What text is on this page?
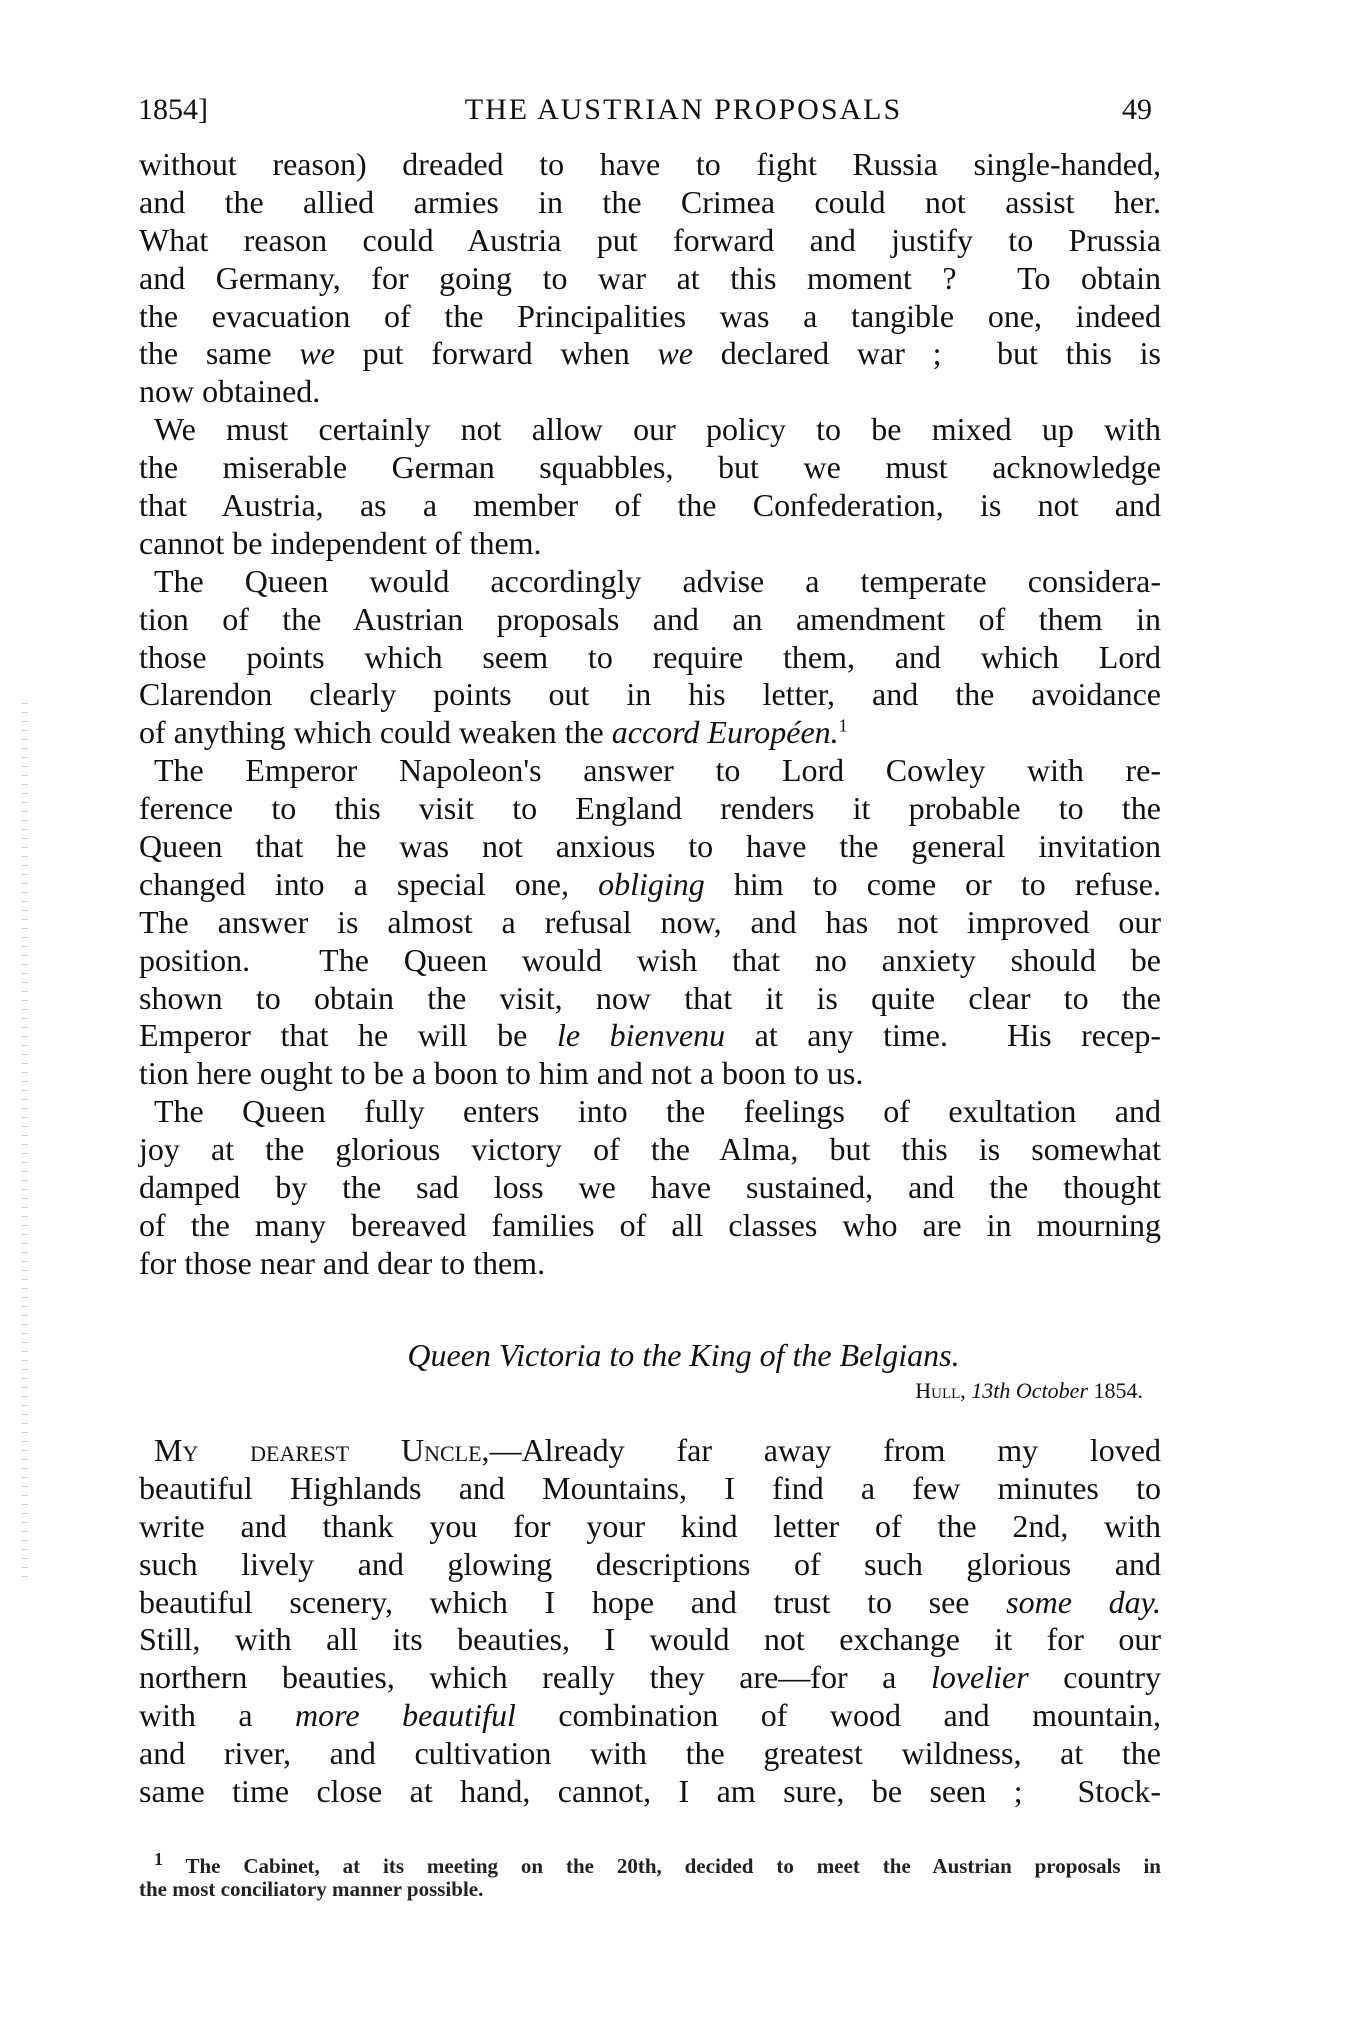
1854]	THE AUSTRIAN PROPOSALS	49
without reason) dreaded to have to fight Russia single-handed,
and the allied armies in the Crimea could not assist her.
What reason could Austria put forward and justify to Prussia
and Germany, for going to war at this moment ?  To obtain
the evacuation of the Principalities was a tangible one, indeed
the same we put forward when we declared war ;  but this is
now obtained.
We must certainly not allow our policy to be mixed up with
the miserable German squabbles, but we must acknowledge
that Austria, as a member of the Confederation, is not and
cannot be independent of them.
The Queen would accordingly advise a temperate considera-
tion of the Austrian proposals and an amendment of them in
those points which seem to require them, and which Lord
Clarendon clearly points out in his letter, and the avoidance
of anything which could weaken the accord Européen.$^1$
The Emperor Napoleon's answer to Lord Cowley with re-
ference to this visit to England renders it probable to the
Queen that he was not anxious to have the general invitation
changed into a special one, obliging him to come or to refuse.
The answer is almost a refusal now, and has not improved our
position.  The Queen would wish that no anxiety should be
shown to obtain the visit, now that it is quite clear to the
Emperor that he will be le bienvenu at any time.  His recep-
tion here ought to be a boon to him and not a boon to us.
The Queen fully enters into the feelings of exultation and
joy at the glorious victory of the Alma, but this is somewhat
damped by the sad loss we have sustained, and the thought
of the many bereaved families of all classes who are in mourning
for those near and dear to them.
Queen Victoria to the King of the Belgians.
Hull, 13th October 1854.
My dearest Uncle,—Already far away from my loved
beautiful Highlands and Mountains, I find a few minutes to
write and thank you for your kind letter of the 2nd, with
such lively and glowing descriptions of such glorious and
beautiful scenery, which I hope and trust to see some day.
Still, with all its beauties, I would not exchange it for our
northern beauties, which really they are—for a lovelier country
with a more beautiful combination of wood and mountain,
and river, and cultivation with the greatest wildness, at the
same time close at hand, cannot, I am sure, be seen ;  Stock-
$^1$ The Cabinet, at its meeting on the 20th, decided to meet the Austrian proposals in
the most conciliatory manner possible.
